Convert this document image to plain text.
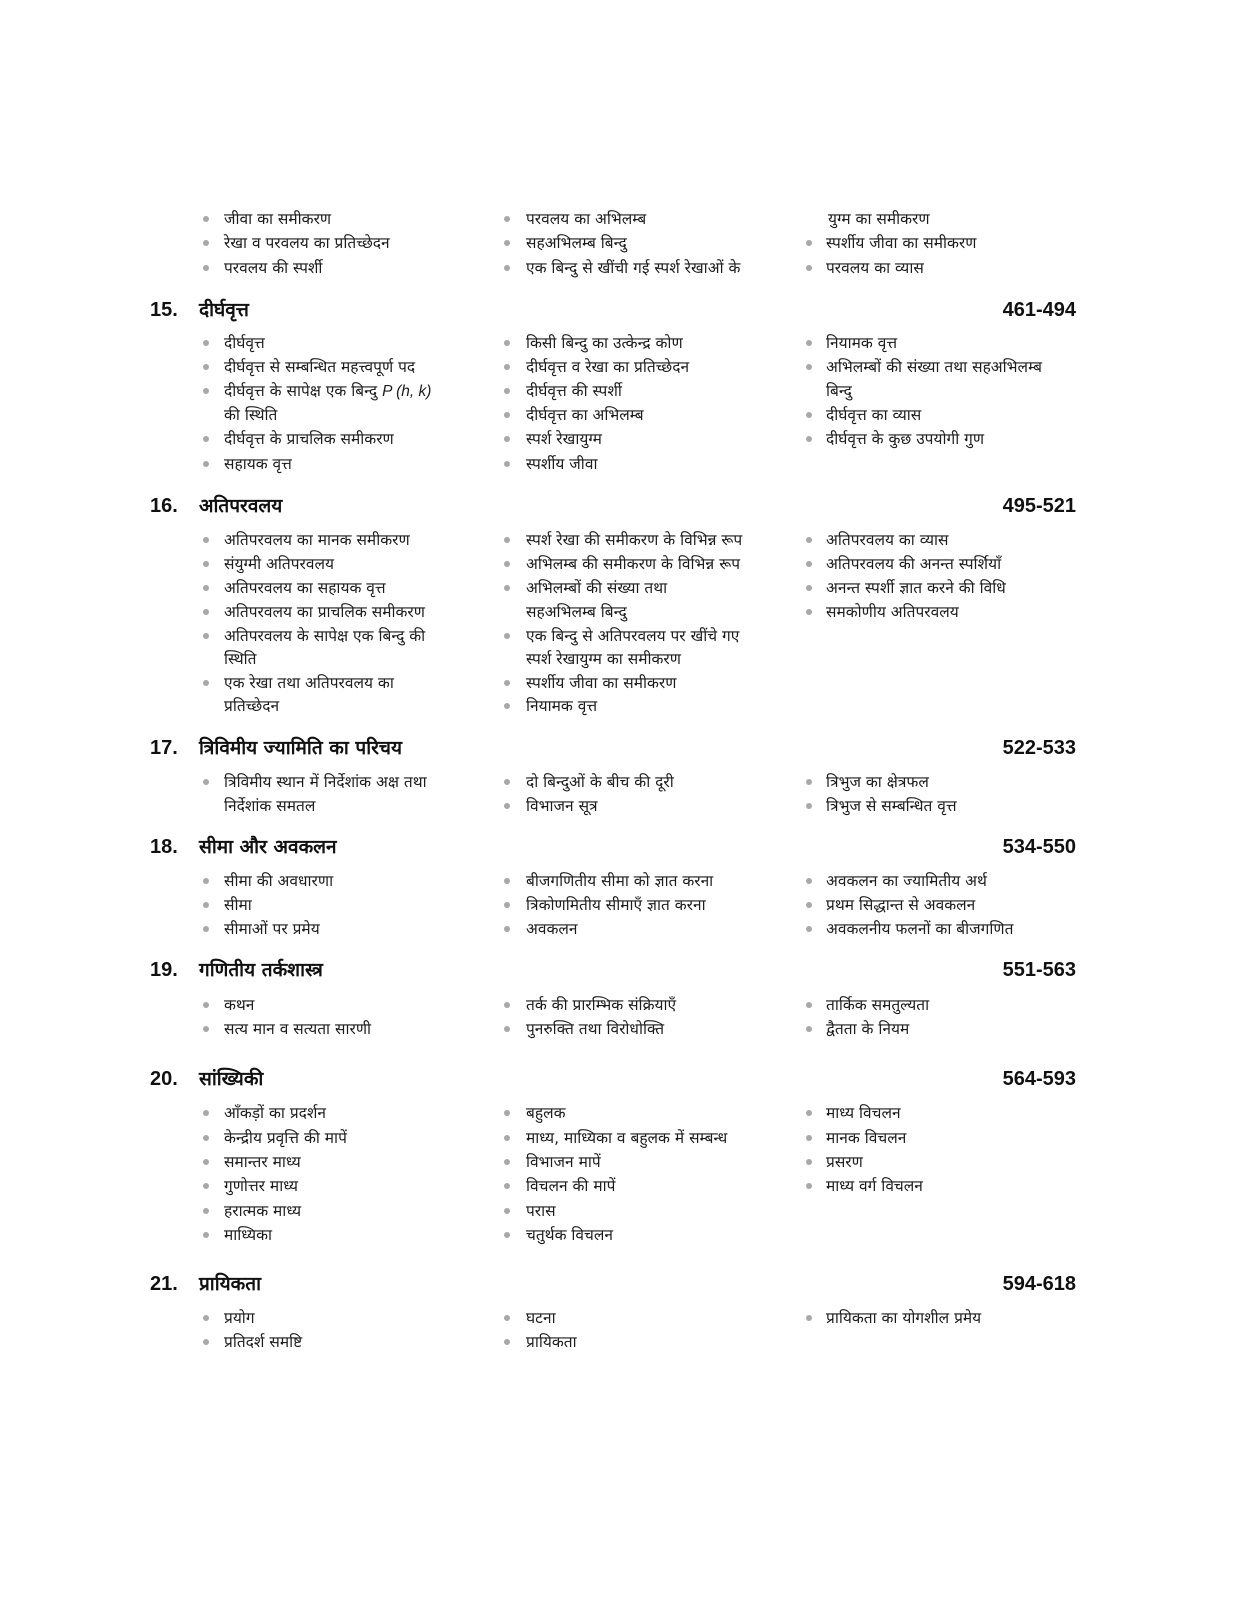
जीवा का समीकरण	परवलय का अभिलम्ब	युग्म का समीकरण
रेखा व परवलय का प्रतिच्छेदन	सहअभिलम्ब बिन्दु	स्पर्शीय जीवा का समीकरण
परवलय की स्पर्शी	एक बिन्दु से खींची गई स्पर्श रेखाओं के	परवलय का व्यास
15. दीर्घवृत्त	461-494
दीर्घवृत्त	किसी बिन्दु का उत्केन्द्र कोण	नियामक वृत्त
दीर्घवृत्त से सम्बन्धित महत्त्वपूर्ण पद	दीर्घवृत्त व रेखा का प्रतिच्छेदन	अभिलम्बों की संख्या तथा सहअभिलम्ब
दीर्घवृत्त के सापेक्ष एक बिन्दु P (h, k)	दीर्घवृत्त की स्पर्शी	बिन्दु
की स्थिति	दीर्घवृत्त का अभिलम्ब	दीर्घवृत्त का व्यास
दीर्घवृत्त के प्राचलिक समीकरण	स्पर्श रेखायुग्म	दीर्घवृत्त के कुछ उपयोगी गुण
सहायक वृत्त	स्पर्शीय जीवा
16. अतिपरवलय	495-521
अतिपरवलय का मानक समीकरण	स्पर्श रेखा की समीकरण के विभिन्न रूप	अतिपरवलय का व्यास
संयुग्मी अतिपरवलय	अभिलम्ब की समीकरण के विभिन्न रूप	अतिपरवलय की अनन्त स्पर्शियाँ
अतिपरवलय का सहायक वृत्त	अभिलम्बों की संख्या तथा	अनन्त स्पर्शी ज्ञात करने की विधि
अतिपरवलय का प्राचलिक समीकरण	सहअभिलम्ब बिन्दु	समकोणीय अतिपरवलय
अतिपरवलय के सापेक्ष एक बिन्दु की	एक बिन्दु से अतिपरवलय पर खींचे गए
स्थिति	स्पर्श रेखायुग्म का समीकरण
एक रेखा तथा अतिपरवलय का	स्पर्शीय जीवा का समीकरण
प्रतिच्छेदन	नियामक वृत्त
17. त्रिविमीय ज्यामिति का परिचय	522-533
त्रिविमीय स्थान में निर्देशांक अक्ष तथा	दो बिन्दुओं के बीच की दूरी	त्रिभुज का क्षेत्रफल
निर्देशांक समतल	विभाजन सूत्र	त्रिभुज से सम्बन्धित वृत्त
18. सीमा और अवकलन	534-550
सीमा की अवधारणा	बीजगणितीय सीमा को ज्ञात करना	अवकलन का ज्यामितीय अर्थ
सीमा	त्रिकोणमितीय सीमाएँ ज्ञात करना	प्रथम सिद्धान्त से अवकलन
सीमाओं पर प्रमेय	अवकलन	अवकलनीय फलनों का बीजगणित
19. गणितीय तर्कशास्त्र	551-563
कथन	तर्क की प्रारम्भिक संक्रियाएँ	तार्किक समतुल्यता
सत्य मान व सत्यता सारणी	पुनरुक्ति तथा विरोधोक्ति	द्वैतता के नियम
20. सांख्यिकी	564-593
आँकड़ों का प्रदर्शन	बहुलक	माध्य विचलन
केन्द्रीय प्रवृत्ति की मापें	माध्य, माध्यिका व बहुलक में सम्बन्ध	मानक विचलन
समान्तर माध्य	विभाजन मापें	प्रसरण
गुणोत्तर माध्य	विचलन की मापें	माध्य वर्ग विचलन
हरात्मक माध्य	परास
माध्यिका	चतुर्थक विचलन
21. प्रायिकता	594-618
प्रयोग	घटना	प्रायिकता का योगशील प्रमेय
प्रतिदर्श समष्टि	प्रायिकता
